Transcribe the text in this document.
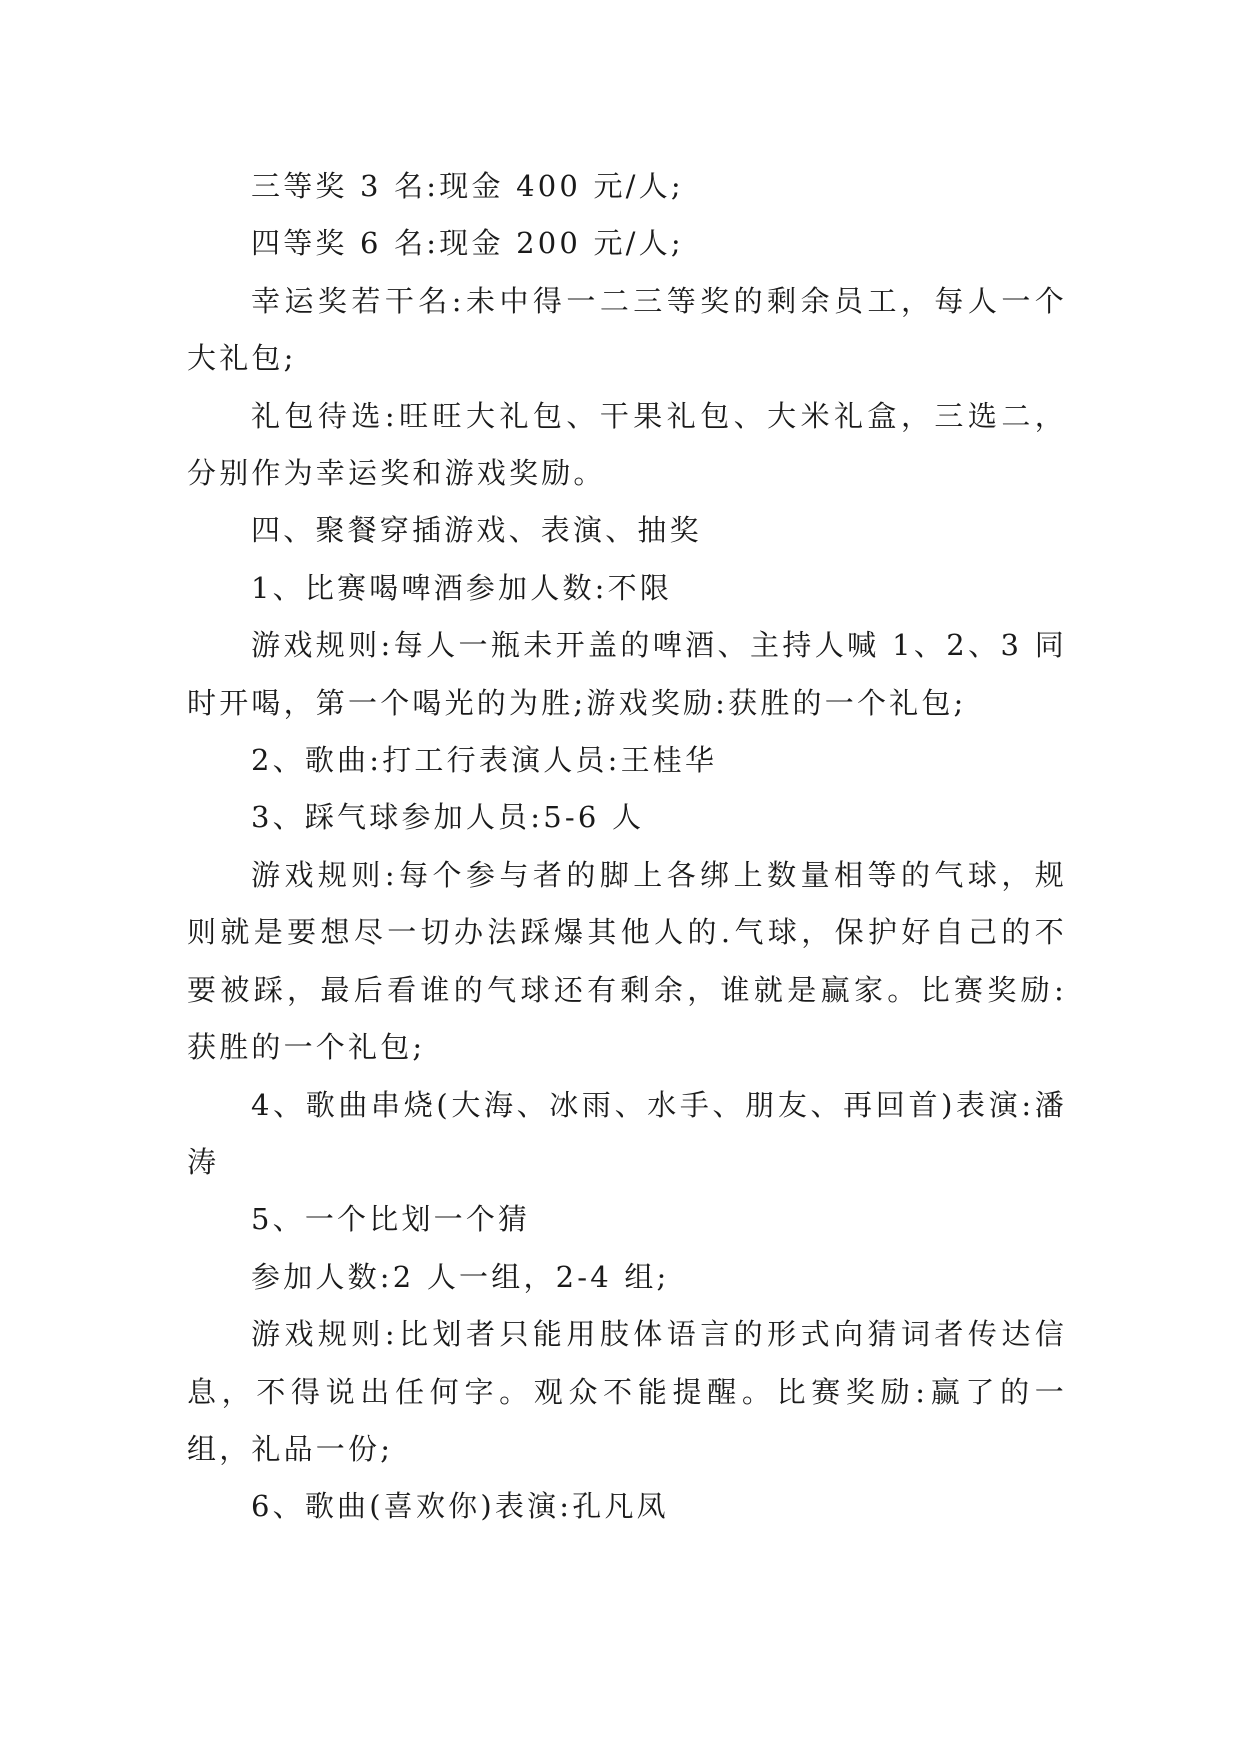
三等奖 3 名:现金 400 元/人;

四等奖 6 名:现金 200 元/人;

幸运奖若干名:未中得一二三等奖的剩余员工，每人一个大礼包;

礼包待选:旺旺大礼包、干果礼包、大米礼盒，三选二，分别作为幸运奖和游戏奖励。

四、聚餐穿插游戏、表演、抽奖

1、比赛喝啤酒参加人数:不限

游戏规则:每人一瓶未开盖的啤酒、主持人喊 1、2、3 同时开喝，第一个喝光的为胜;游戏奖励:获胜的一个礼包;

2、歌曲:打工行表演人员:王桂华

3、踩气球参加人员:5-6 人

游戏规则:每个参与者的脚上各绑上数量相等的气球，规则就是要想尽一切办法踩爆其他人的.气球，保护好自己的不要被踩，最后看谁的气球还有剩余，谁就是赢家。比赛奖励:获胜的一个礼包;

4、歌曲串烧(大海、冰雨、水手、朋友、再回首)表演:潘涛

5、一个比划一个猜

参加人数:2 人一组，2-4 组;

游戏规则:比划者只能用肢体语言的形式向猜词者传达信息，不得说出任何字。观众不能提醒。比赛奖励:赢了的一组，礼品一份;

6、歌曲(喜欢你)表演:孔凡凤
